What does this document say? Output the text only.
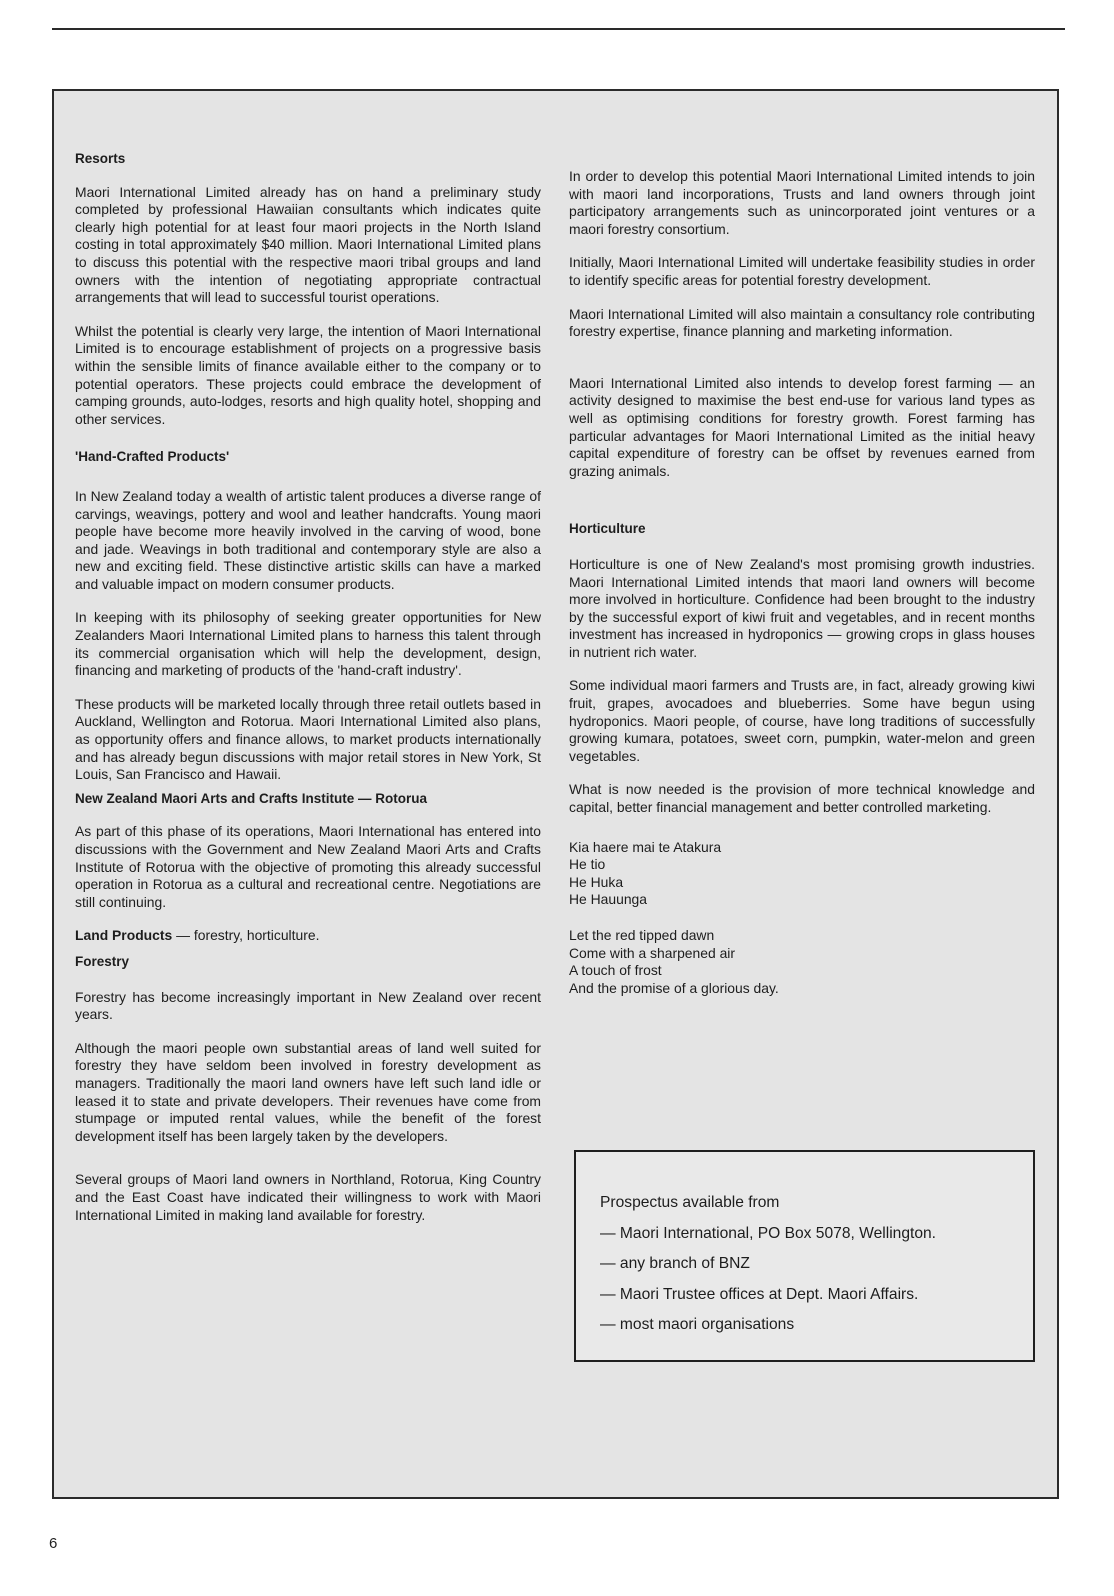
Resorts

Maori International Limited already has on hand a preliminary study completed by professional Hawaiian consultants which indicates quite clearly high potential for at least four maori projects in the North Island costing in total approximately $40 million. Maori International Limited plans to discuss this potential with the respective maori tribal groups and land owners with the intention of negotiating appropriate contractual arrangements that will lead to successful tourist operations.

Whilst the potential is clearly very large, the intention of Maori International Limited is to encourage establishment of projects on a progressive basis within the sensible limits of finance available either to the company or to potential operators. These projects could embrace the development of camping grounds, auto-lodges, resorts and high quality hotel, shopping and other services.

'Hand-Crafted Products'

In New Zealand today a wealth of artistic talent produces a diverse range of carvings, weavings, pottery and wool and leather handcrafts. Young maori people have become more heavily involved in the carving of wood, bone and jade. Weavings in both traditional and contemporary style are also a new and exciting field. These distinctive artistic skills can have a marked and valuable impact on modern consumer products.

In keeping with its philosophy of seeking greater opportunities for New Zealanders Maori International Limited plans to harness this talent through its commercial organisation which will help the development, design, financing and marketing of products of the 'hand-craft industry'.

These products will be marketed locally through three retail outlets based in Auckland, Wellington and Rotorua. Maori International Limited also plans, as opportunity offers and finance allows, to market products internationally and has already begun discussions with major retail stores in New York, St Louis, San Francisco and Hawaii.

New Zealand Maori Arts and Crafts Institute — Rotorua

As part of this phase of its operations, Maori International has entered into discussions with the Government and New Zealand Maori Arts and Crafts Institute of Rotorua with the objective of promoting this already successful operation in Rotorua as a cultural and recreational centre. Negotiations are still continuing.

Land Products — forestry, horticulture.
Forestry

Forestry has become increasingly important in New Zealand over recent years.

Although the maori people own substantial areas of land well suited for forestry they have seldom been involved in forestry development as managers. Traditionally the maori land owners have left such land idle or leased it to state and private developers. Their revenues have come from stumpage or imputed rental values, while the benefit of the forest development itself has been largely taken by the developers.

Several groups of Maori land owners in Northland, Rotorua, King Country and the East Coast have indicated their willingness to work with Maori International Limited in making land available for forestry.

In order to develop this potential Maori International Limited intends to join with maori land incorporations, Trusts and land owners through joint participatory arrangements such as unincorporated joint ventures or a maori forestry consortium.

Initially, Maori International Limited will undertake feasibility studies in order to identify specific areas for potential forestry development.

Maori International Limited will also maintain a consultancy role contributing forestry expertise, finance planning and marketing information.

Maori International Limited also intends to develop forest farming — an activity designed to maximise the best end-use for various land types as well as optimising conditions for forestry growth. Forest farming has particular advantages for Maori International Limited as the initial heavy capital expenditure of forestry can be offset by revenues earned from grazing animals.

Horticulture

Horticulture is one of New Zealand's most promising growth industries. Maori International Limited intends that maori land owners will become more involved in horticulture. Confidence had been brought to the industry by the successful export of kiwi fruit and vegetables, and in recent months investment has increased in hydroponics — growing crops in glass houses in nutrient rich water.

Some individual maori farmers and Trusts are, in fact, already growing kiwi fruit, grapes, avocadoes and blueberries. Some have begun using hydroponics. Maori people, of course, have long traditions of successfully growing kumara, potatoes, sweet corn, pumpkin, water-melon and green vegetables.

What is now needed is the provision of more technical knowledge and capital, better financial management and better controlled marketing.

Kia haere mai te Atakura
He tio
He Huka
He Hauunga
Let the red tipped dawn
Come with a sharpened air
A touch of frost
And the promise of a glorious day.
Prospectus available from
— Maori International, PO Box 5078, Wellington.
— any branch of BNZ
— Maori Trustee offices at Dept. Maori Affairs.
— most maori organisations
6
